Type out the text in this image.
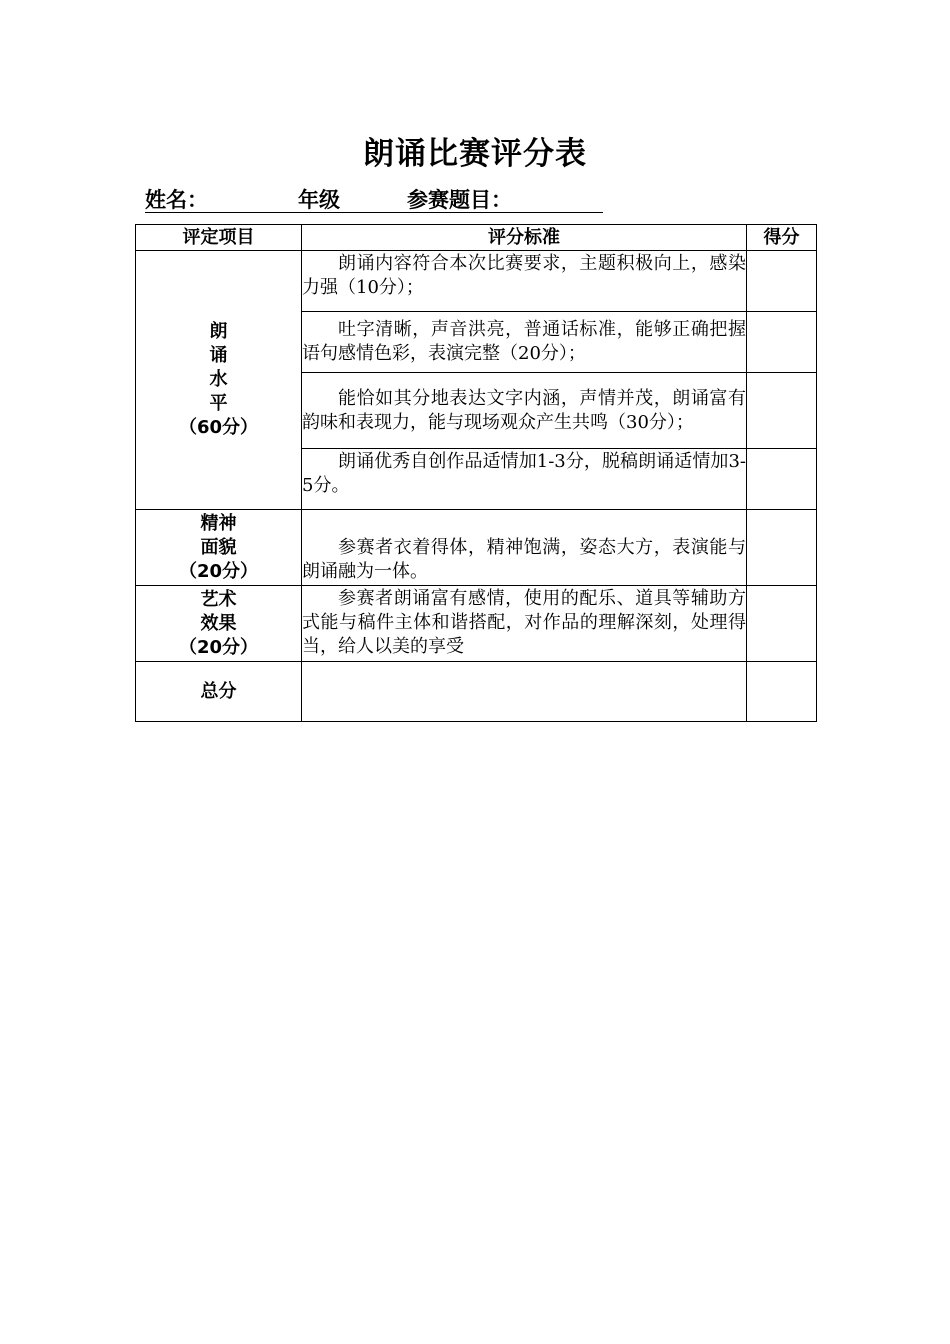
朗诵比赛评分表
姓名：	年级	参赛题目：
评定项目	评分标准	得分

朗
诵
水
平
（60分）	朗诵内容符合本次比赛要求，主题积极向上，感染力强（10分）；	
	吐字清晰，声音洪亮，普通话标准，能够正确把握语句感情色彩，表演完整（20分）；	
	能恰如其分地表达文字内涵，声情并茂，朗诵富有韵味和表现力，能与现场观众产生共鸣（30分）；	
	朗诵优秀自创作品适情加1-3分，脱稿朗诵适情加3-5分。	

精神
面貌
（20分）	参赛者衣着得体，精神饱满，姿态大方，表演能与朗诵融为一体。	

艺术
效果
（20分）	参赛者朗诵富有感情，使用的配乐、道具等辅助方式能与稿件主体和谐搭配，对作品的理解深刻，处理得当，给人以美的享受	
总分		
